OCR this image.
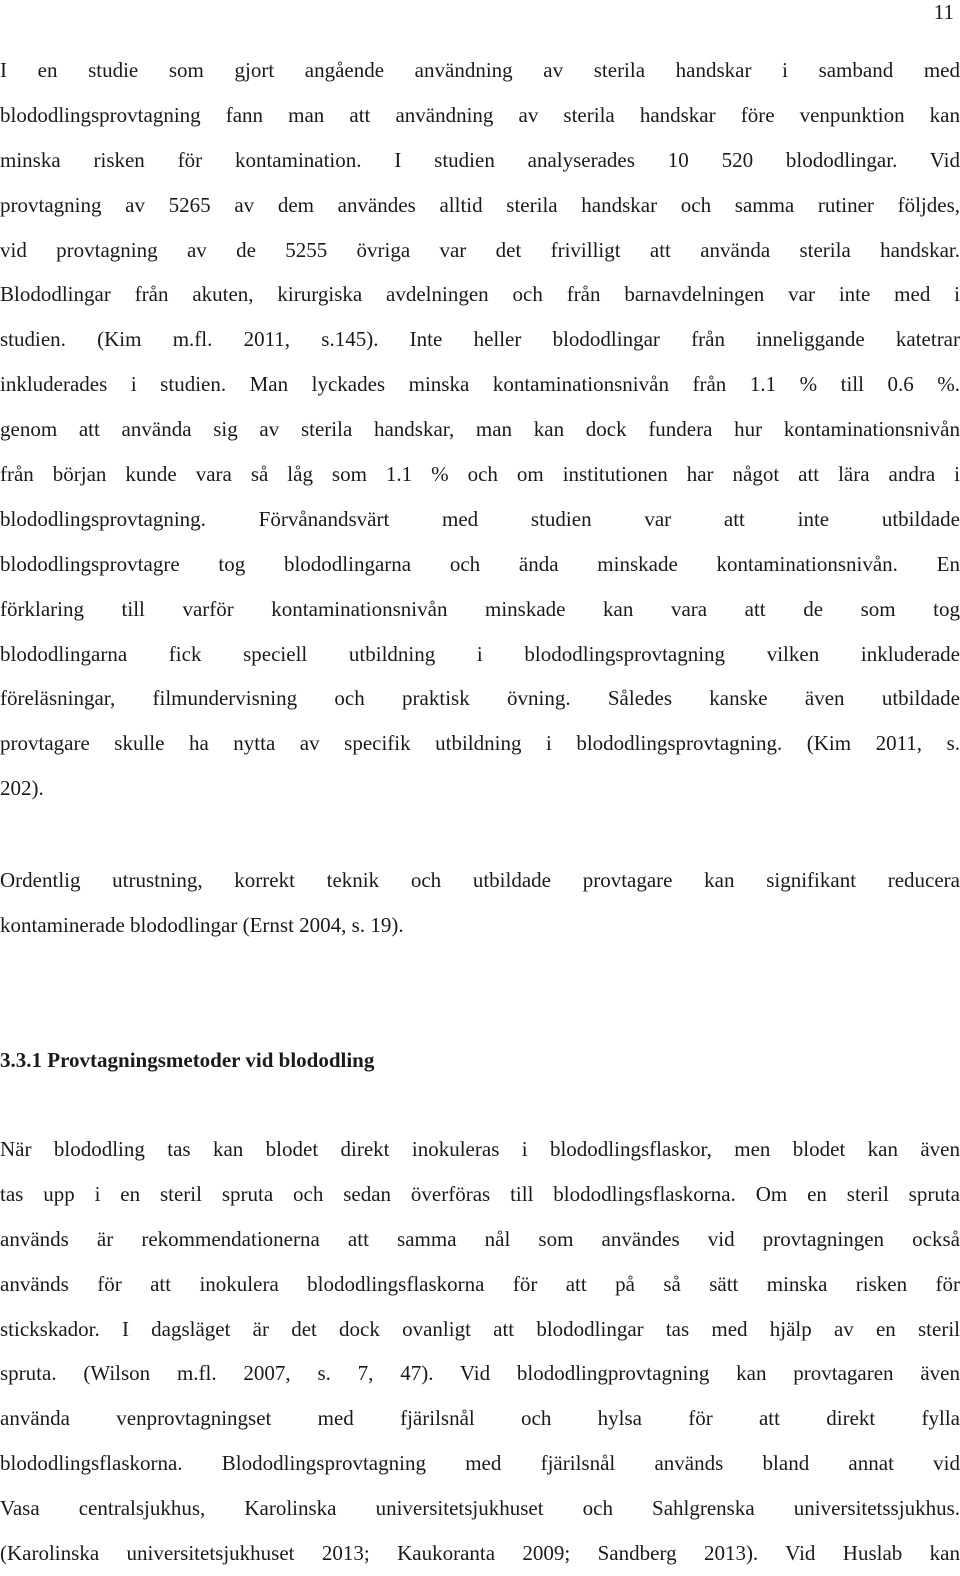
11
I en studie som gjort angående användning av sterila handskar i samband med
blododlingsprovtagning fann man att användning av sterila handskar före venpunktion kan
minska risken för kontamination. I studien analyserades 10 520 blododlingar. Vid
provtagning av 5265 av dem användes alltid sterila handskar och samma rutiner följdes,
vid provtagning av de 5255 övriga var det frivilligt att använda sterila handskar.
Blododlingar från akuten, kirurgiska avdelningen och från barnavdelningen var inte med i
studien. (Kim m.fl. 2011, s.145). Inte heller blododlingar från inneliggande katetrar
inkluderades i studien. Man lyckades minska kontaminationsnivån från 1.1 % till 0.6 %.
genom att använda sig av sterila handskar, man kan dock fundera hur kontaminationsnivån
från början kunde vara så låg som 1.1 % och om institutionen har något att lära andra i
blododlingsprovtagning. Förvånandsvärt med studien var att inte utbildade
blododlingsprovtagre tog blododlingarna och ända minskade kontaminationsnivån. En
förklaring till varför kontaminationsnivån minskade kan vara att de som tog
blododlingarna fick speciell utbildning i blododlingsprovtagning vilken inkluderade
föreläsningar, filmundervisning och praktisk övning. Således kanske även utbildade
provtagare skulle ha nytta av specifik utbildning i blododlingsprovtagning. (Kim 2011, s.
202).
Ordentlig utrustning, korrekt teknik och utbildade provtagare kan signifikant reducera
kontaminerade blododlingar (Ernst 2004, s. 19).
3.3.1 Provtagningsmetoder vid blododling
När blododling tas kan blodet direkt inokuleras i blododlingsflaskor, men blodet kan även
tas upp i en steril spruta och sedan överföras till blododlingsflaskorna. Om en steril spruta
används är rekommendationerna att samma nål som användes vid provtagningen också
används för att inokulera blododlingsflaskorna för att på så sätt minska risken för
stickskador. I dagsläget är det dock ovanligt att blododlingar tas med hjälp av en steril
spruta. (Wilson m.fl. 2007, s. 7, 47). Vid blododlingprovtagning kan provtagaren även
använda venprovtagningset med fjärilsnål och hylsa för att direkt fylla
blododlingsflaskorna. Blododlingsprovtagning med fjärilsnål används bland annat vid
Vasa centralsjukhus, Karolinska universitetsjukhuset och Sahlgrenska universitetssjukhus.
(Karolinska universitetsjukhuset 2013; Kaukoranta 2009; Sandberg 2013). Vid Huslab kan
